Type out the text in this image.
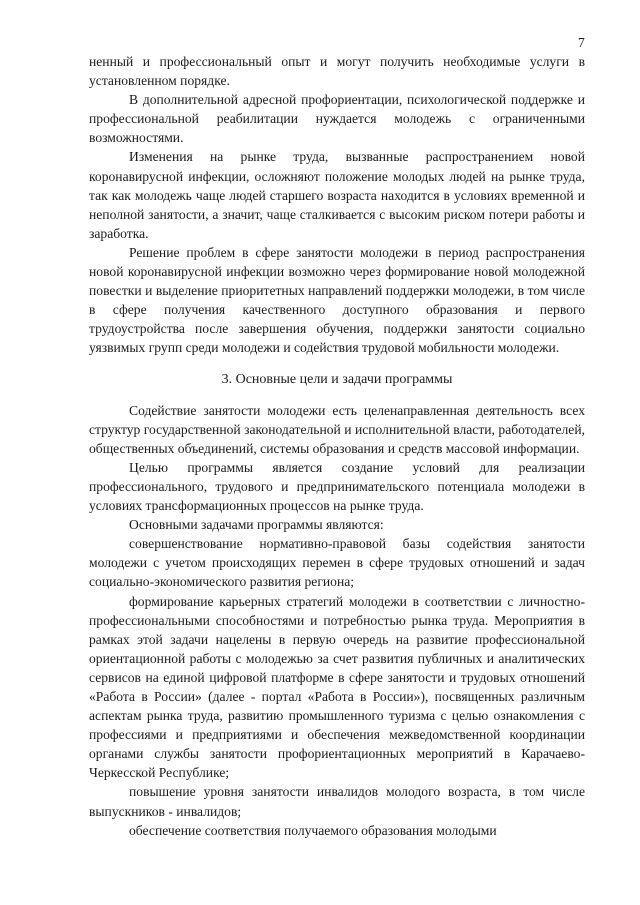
7

ненный и профессиональный опыт и могут получить необходимые услуги в установленном порядке.

В дополнительной адресной профориентации, психологической поддержке и профессиональной реабилитации нуждается молодежь с ограниченными возможностями.

Изменения на рынке труда, вызванные распространением новой коронавирусной инфекции, осложняют положение молодых людей на рынке труда, так как молодежь чаще людей старшего возраста находится в условиях временной и неполной занятости, а значит, чаще сталкивается с высоким риском потери работы и заработка.

Решение проблем в сфере занятости молодежи в период распространения новой коронавирусной инфекции возможно через формирование новой молодежной повестки и выделение приоритетных направлений поддержки молодежи, в том числе в сфере получения качественного доступного образования и первого трудоустройства после завершения обучения, поддержки занятости социально уязвимых групп среди молодежи и содействия трудовой мобильности молодежи.

3. Основные цели и задачи программы

Содействие занятости молодежи есть целенаправленная деятельность всех структур государственной законодательной и исполнительной власти, работодателей, общественных объединений, системы образования и средств массовой информации.

Целью программы является создание условий для реализации профессионального, трудового и предпринимательского потенциала молодежи в условиях трансформационных процессов на рынке труда.

Основными задачами программы являются:

совершенствование нормативно-правовой базы содействия занятости молодежи с учетом происходящих перемен в сфере трудовых отношений и задач социально-экономического развития региона;

формирование карьерных стратегий молодежи в соответствии с личностно-профессиональными способностями и потребностью рынка труда. Мероприятия в рамках этой задачи нацелены в первую очередь на развитие профессиональной ориентационной работы с молодежью за счет развития публичных и аналитических сервисов на единой цифровой платформе в сфере занятости и трудовых отношений «Работа в России» (далее - портал «Работа в России»), посвященных различным аспектам рынка труда, развитию промышленного туризма с целью ознакомления с профессиями и предприятиями и обеспечения межведомственной координации органами службы занятости профориентационных мероприятий в Карачаево-Черкесской Республике;

повышение уровня занятости инвалидов молодого возраста, в том числе выпускников - инвалидов;

обеспечение соответствия получаемого образования молодыми
